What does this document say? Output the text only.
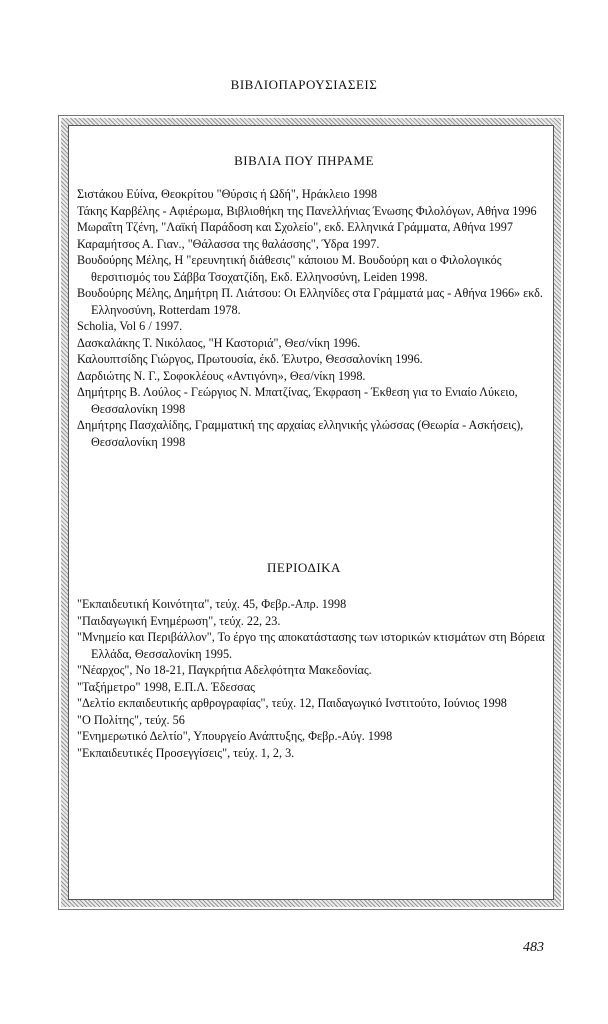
ΒΙΒΛΙΟΠΑΡΟΥΣΙΑΣΕΙΣ
ΒΙΒΛΙΑ ΠΟΥ ΠΗΡΑΜΕ

Σιστάκου Εύίνα, Θεοκρίτου "Θύρσις ή Ωδή", Ηράκλειο 1998

Τάκης Καρβέλης - Αφιέρωμα, Βιβλιοθήκη της Πανελλήνιας Ένωσης Φιλολόγων, Αθήνα 1996

Μωραΐτη Τζένη, "Λαϊκή Παράδοση και Σχολείο", εκδ. Ελληνικά Γράμματα, Αθήνα 1997

Καραμήτσος Α. Γιαν., "Θάλασσα της θαλάσσης", Ύδρα 1997.

Βουδούρης Μέλης, Η "ερευνητική διάθεσις" κάποιου Μ. Βουδούρη και ο Φιλολογικός θερσιτισμός του Σάββα Τσοχατζίδη, Εκδ. Ελληνοσύνη, Leiden 1998.

Βουδούρης Μέλης, Δημήτρη Π. Λιάτσου: Οι Ελληνίδες στα Γράμματά μας - Αθήνα 1966» εκδ. Ελληνοσύνη, Rotterdam 1978.

Scholia, Vol 6 / 1997.

Δασκαλάκης Τ. Νικόλαος, "Η Καστοριά", Θεσ/νίκη 1996.

Καλουπτσίδης Γιώργος, Πρωτουσία, έκδ. Έλυτρο, Θεσσαλονίκη 1996.

Δαρδιώτης Ν. Γ., Σοφοκλέους «Αντιγόνη», Θεσ/νίκη 1998.

Δημήτρης Β. Λούλος - Γεώργιος Ν. Μπατζίνας, Έκφραση - Έκθεση για το Ενιαίο Λύκειο, Θεσσαλονίκη 1998

Δημήτρης Πασχαλίδης, Γραμματική της αρχαίας ελληνικής γλώσσας (Θεωρία - Ασκήσεις), Θεσσαλονίκη 1998

ΠΕΡΙΟΔΙΚΑ

"Εκπαιδευτική Κοινότητα", τεύχ. 45, Φεβρ.-Απρ. 1998

"Παιδαγωγική Ενημέρωση", τεύχ. 22, 23.

"Μνημείο και Περιβάλλον", Το έργο της αποκατάστασης των ιστορικών κτισμάτων στη Βόρεια Ελλάδα, Θεσσαλονίκη 1995.

"Νέαρχος", Νο 18-21, Παγκρήτια Αδελφότητα Μακεδονίας.

"Ταξήμετρο" 1998, Ε.Π.Λ. Έδεσσας

"Δελτίο εκπαιδευτικής αρθρογραφίας", τεύχ. 12, Παιδαγωγικό Ινστιτούτο, Ιούνιος 1998

"Ο Πολίτης", τεύχ. 56

"Ενημερωτικό Δελτίο", Υπουργείο Ανάπτυξης, Φεβρ.-Αύγ. 1998

"Εκπαιδευτικές Προσεγγίσεις", τεύχ. 1, 2, 3.

483
